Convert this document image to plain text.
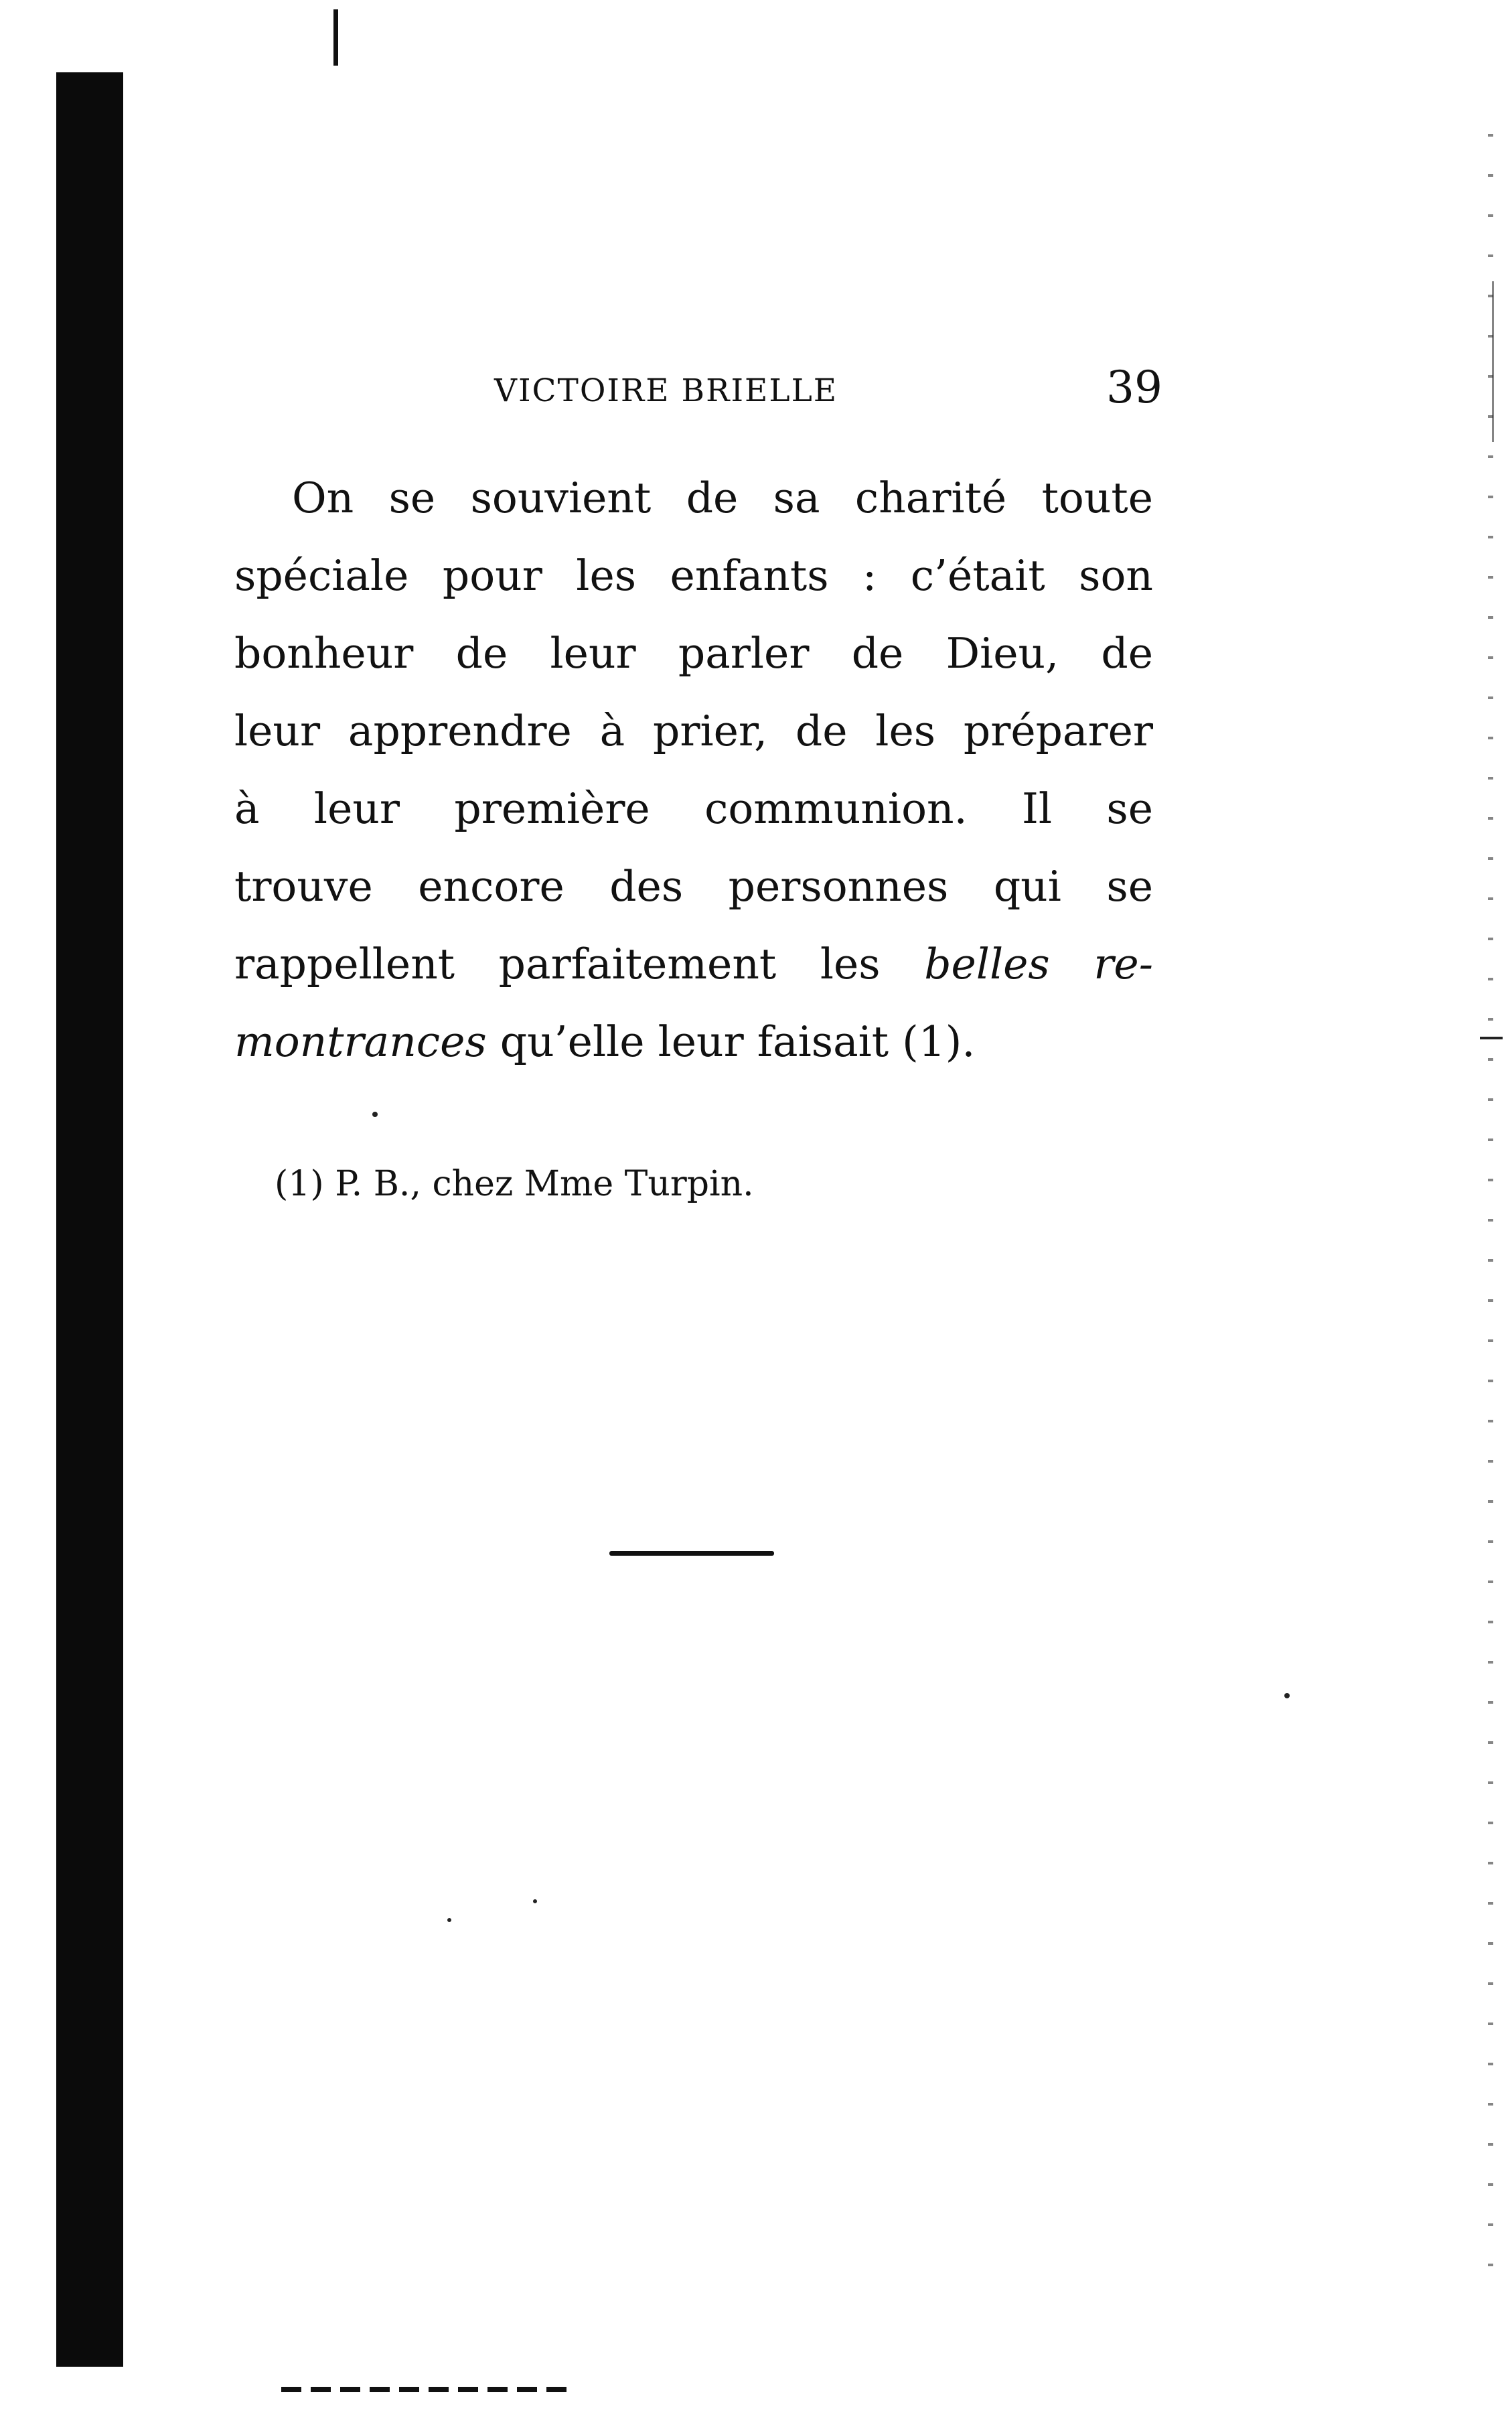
VICTOIRE BRIELLE	39
On se souvient de sa charité toute
spéciale pour les enfants : c’était son
bonheur de leur parler de Dieu, de
leur apprendre à prier, de les préparer
à leur première communion. Il se
trouve encore des personnes qui se
rappellent parfaitement les belles re-
montrances qu’elle leur faisait (1).
(1) P. B., chez Mme Turpin.
